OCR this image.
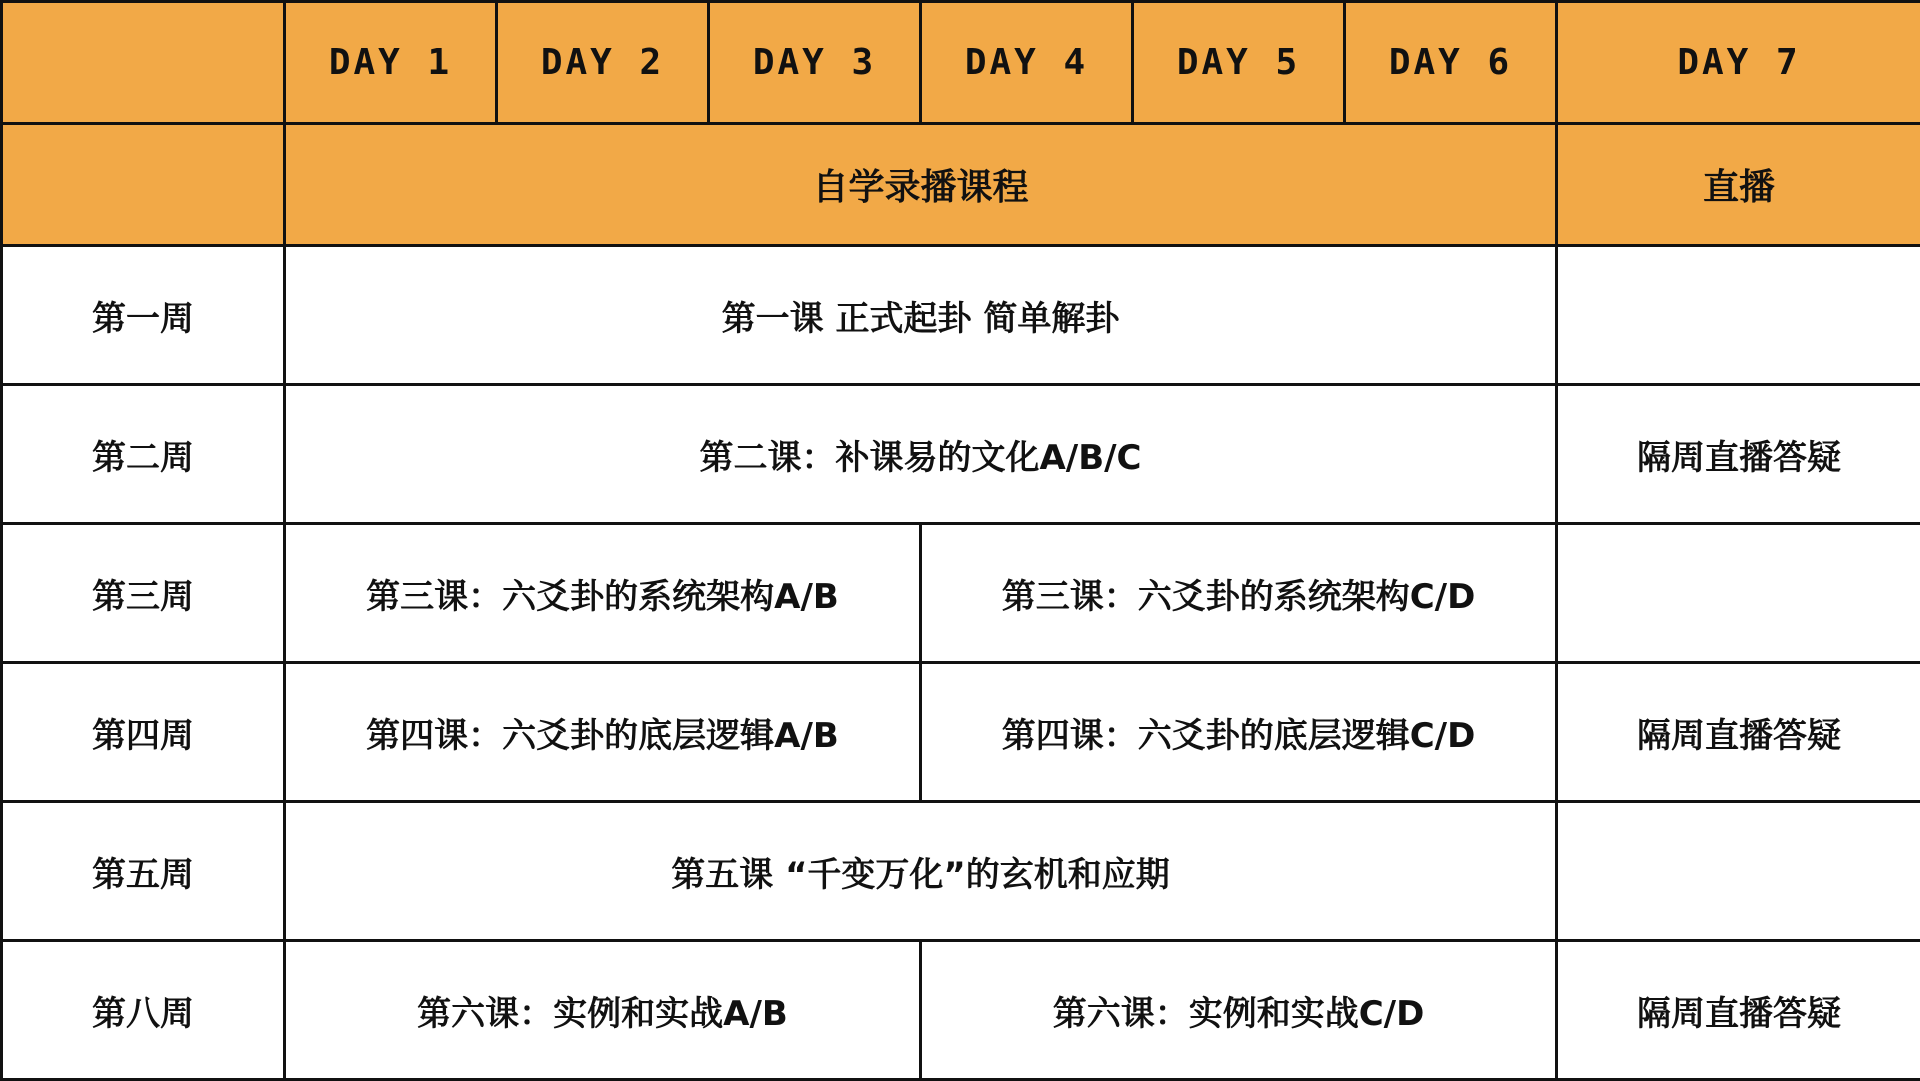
	DAY 1	DAY 2	DAY 3	DAY 4	DAY 5	DAY 6	DAY 7
	自学录播课程						直播
第一周	第一课 正式起卦 简单解卦						
第二周	第二课：补课易的文化A/B/C						隔周直播答疑
第三周	第三课：六爻卦的系统架构A/B			第三课：六爻卦的系统架构C/D			
第四周	第四课：六爻卦的底层逻辑A/B			第四课：六爻卦的底层逻辑C/D			隔周直播答疑
第五周	第五课 “千变万化”的玄机和应期						
第八周	第六课：实例和实战A/B			第六课：实例和实战C/D			隔周直播答疑
